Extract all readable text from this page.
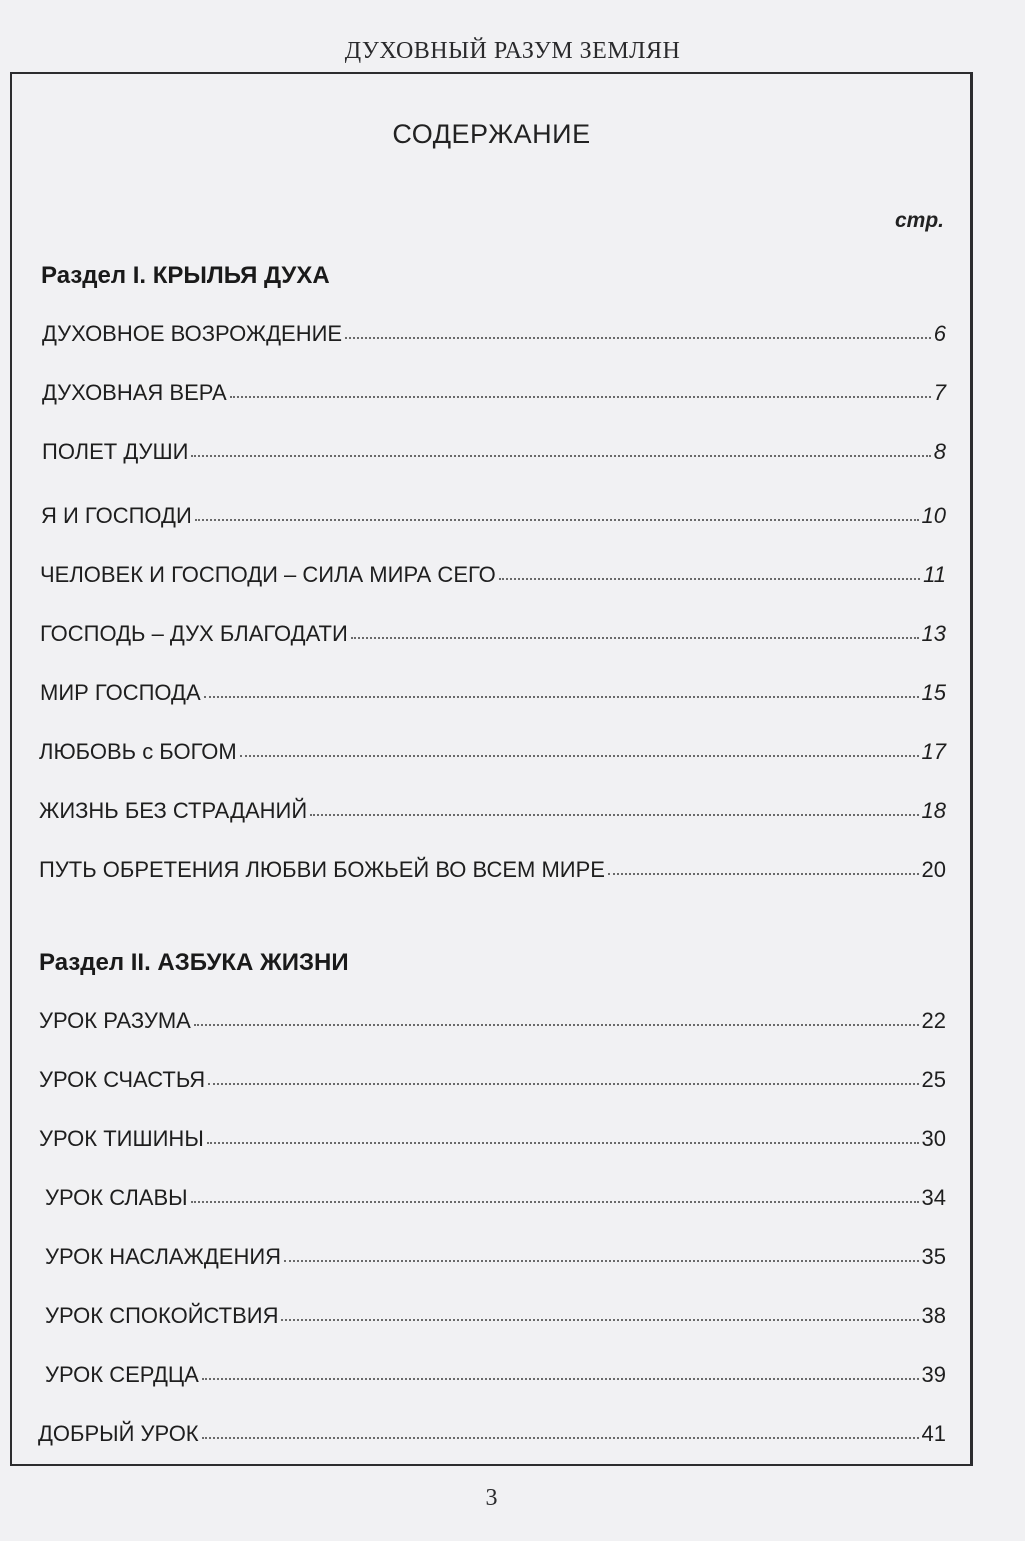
ДУХОВНЫЙ РАЗУМ ЗЕМЛЯН
СОДЕРЖАНИЕ
стр.
Раздел I. КРЫЛЬЯ ДУХА
ДУХОВНОЕ ВОЗРОЖДЕНИЕ	6
ДУХОВНАЯ ВЕРА	7
ПОЛЕТ ДУШИ	8
Я И ГОСПОДИ	10
ЧЕЛОВЕК И ГОСПОДИ – СИЛА МИРА СЕГО	11
ГОСПОДЬ – ДУХ БЛАГОДАТИ	13
МИР ГОСПОДА	15
ЛЮБОВЬ с БОГОМ	17
ЖИЗНЬ БЕЗ СТРАДАНИЙ	18
ПУТЬ ОБРЕТЕНИЯ ЛЮБВИ БОЖЬЕЙ ВО ВСЕМ МИРЕ	20
Раздел II. АЗБУКА ЖИЗНИ
УРОК РАЗУМА	22
УРОК СЧАСТЬЯ	25
УРОК ТИШИНЫ	30
УРОК СЛАВЫ	34
УРОК НАСЛАЖДЕНИЯ	35
УРОК СПОКОЙСТВИЯ	38
УРОК СЕРДЦА	39
ДОБРЫЙ УРОК	41
3
